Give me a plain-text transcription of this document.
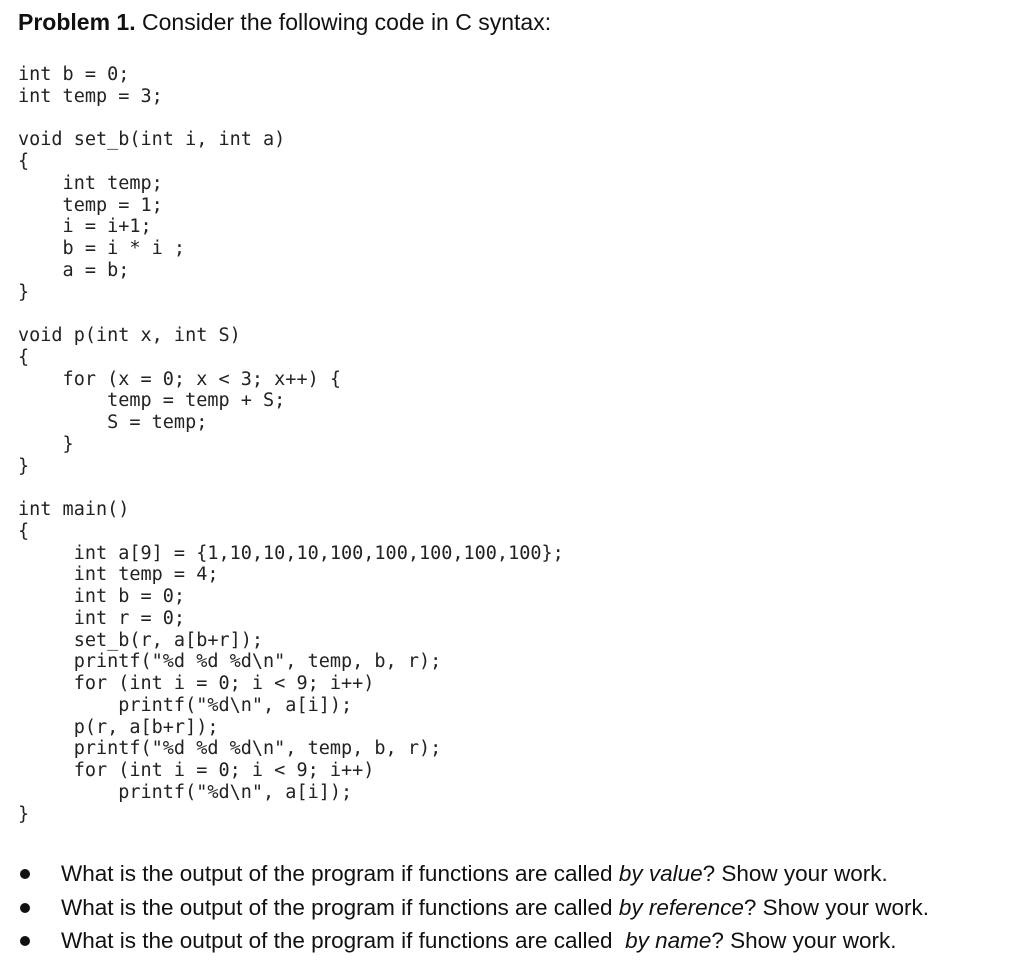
Problem 1. Consider the following code in C syntax:
int b = 0;
int temp = 3;
void set_b(int i, int a)
{
int temp;
temp = 1;
i = i+1;
b = i * i ;
a = b;
}
void p(int x, int S)
{
for (x = 0; x < 3; x++) {
temp = temp + S;
S = temp;
}
}
int main()
{
int a[9] = {1,10,10,10,100,100,100,100,100};
int temp = 4;
int b = 0;
int r = 0;
set_b(r, a[b+r]);
printf("%d %d %d\n", temp, b, r);
for (int i = 0; i < 9; i++)
printf("%d\n", a[i]);
p(r, a[b+r]);
printf("%d %d %d\n", temp, b, r);
for (int i = 0; i < 9; i++)
printf("%d\n", a[i]);
}
What is the output of the program if functions are called by value? Show your work.
What is the output of the program if functions are called by reference? Show your work.
What is the output of the program if functions are called  by name? Show your work.
